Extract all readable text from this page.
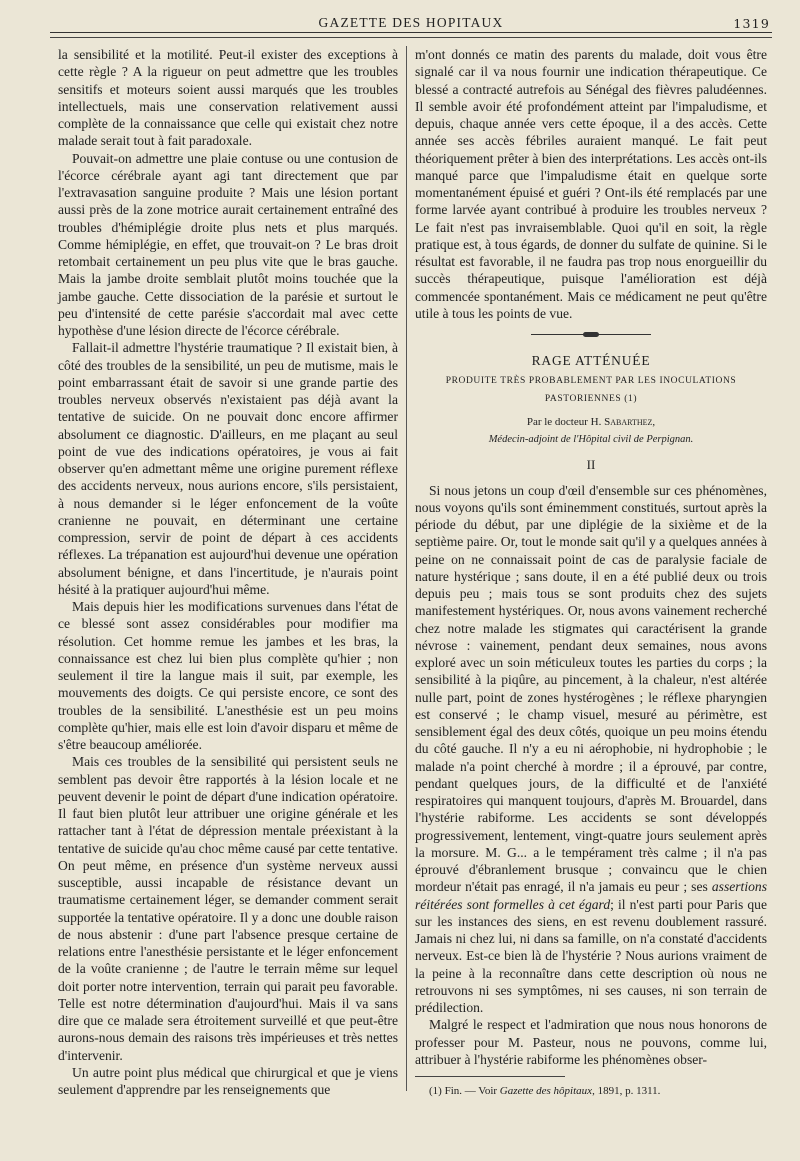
GAZETTE DES HOPITAUX	1319

la sensibilité et la motilité. Peut-il exister des exceptions à cette règle ? A la rigueur on peut admettre que les troubles sensitifs et moteurs soient aussi marqués que les troubles intellectuels, mais une conservation relativement aussi complète de la connaissance que celle qui existait chez notre malade serait tout à fait paradoxale.

Pouvait-on admettre une plaie contuse ou une contusion de l'écorce cérébrale ayant agi tant directement que par l'extravasation sanguine produite ? Mais une lésion portant aussi près de la zone motrice aurait certainement entraîné des troubles d'hémiplégie droite plus nets et plus marqués. Comme hémiplégie, en effet, que trouvait-on ? Le bras droit retombait certainement un peu plus vite que le bras gauche. Mais la jambe droite semblait plutôt moins touchée que la jambe gauche. Cette dissociation de la parésie et surtout le peu d'intensité de cette parésie s'accordait mal avec cette hypothèse d'une lésion directe de l'écorce cérébrale.

Fallait-il admettre l'hystérie traumatique ? Il existait bien, à côté des troubles de la sensibilité, un peu de mutisme, mais le point embarrassant était de savoir si une grande partie des troubles nerveux observés n'existaient pas déjà avant la tentative de suicide. On ne pouvait donc encore affirmer absolument ce diagnostic. D'ailleurs, en me plaçant au seul point de vue des indications opératoires, je vous ai fait observer qu'en admettant même une origine purement réflexe des accidents nerveux, nous aurions encore, s'ils persistaient, à nous demander si le léger enfoncement de la voûte cranienne ne pouvait, en déterminant une certaine compression, servir de point de départ à ces accidents réflexes. La trépanation est aujourd'hui devenue une opération absolument bénigne, et dans l'incertitude, je n'aurais point hésité à la pratiquer aujourd'hui même.

Mais depuis hier les modifications survenues dans l'état de ce blessé sont assez considérables pour modifier ma résolution. Cet homme remue les jambes et les bras, la connaissance est chez lui bien plus complète qu'hier ; non seulement il tire la langue mais il suit, par exemple, les mouvements des doigts. Ce qui persiste encore, ce sont des troubles de la sensibilité. L'anesthésie est un peu moins complète qu'hier, mais elle est loin d'avoir disparu et même de s'être beaucoup améliorée.

Mais ces troubles de la sensibilité qui persistent seuls ne semblent pas devoir être rapportés à la lésion locale et ne peuvent devenir le point de départ d'une indication opératoire. Il faut bien plutôt leur attribuer une origine générale et les rattacher tant à l'état de dépression mentale préexistant à la tentative de suicide qu'au choc même causé par cette tentative. On peut même, en présence d'un système nerveux aussi susceptible, aussi incapable de résistance devant un traumatisme certainement léger, se demander comment serait supportée la tentative opératoire. Il y a donc une double raison de nous abstenir : d'une part l'absence presque certaine de relations entre l'anesthésie persistante et le léger enfoncement de la voûte cranienne ; de l'autre le terrain même sur lequel doit porter notre intervention, terrain qui parait peu favorable. Telle est notre détermination d'aujourd'hui. Mais il va sans dire que ce malade sera étroitement surveillé et que peut-être aurons-nous demain des raisons très impérieuses et très nettes d'intervenir.

Un autre point plus médical que chirurgical et que je viens seulement d'apprendre par les renseignements que

m'ont donnés ce matin des parents du malade, doit vous être signalé car il va nous fournir une indication thérapeutique. Ce blessé a contracté autrefois au Sénégal des fièvres paludéennes. Il semble avoir été profondément atteint par l'impaludisme, et depuis, chaque année vers cette époque, il a des accès. Cette année ses accès fébriles auraient manqué. Le fait peut théoriquement prêter à bien des interprétations. Les accès ont-ils manqué parce que l'impaludisme était en quelque sorte momentanément épuisé et guéri ? Ont-ils été remplacés par une forme larvée ayant contribué à produire les troubles nerveux ? Le fait n'est pas invraisemblable. Quoi qu'il en soit, la règle pratique est, à tous égards, de donner du sulfate de quinine. Si le résultat est favorable, il ne faudra pas trop nous enorgueillir du succès thérapeutique, puisque l'amélioration est déjà commencée spontanément. Mais ce médicament ne peut qu'être utile à tous les points de vue.

RAGE ATTÉNUÉE
PRODUITE TRÈS PROBABLEMENT PAR LES INOCULATIONS PASTORIENNES (1)
Par le docteur H. Sabarthez,
Médecin-adjoint de l'Hôpital civil de Perpignan.
II

Si nous jetons un coup d'œil d'ensemble sur ces phénomènes, nous voyons qu'ils sont éminemment constitués, surtout après la période du début, par une diplégie de la sixième et de la septième paire. Or, tout le monde sait qu'il y a quelques années à peine on ne connaissait point de cas de paralysie faciale de nature hystérique ; sans doute, il en a été publié deux ou trois depuis peu ; mais tous se sont produits chez des sujets manifestement hystériques. Or, nous avons vainement recherché chez notre malade les stigmates qui caractérisent la grande névrose : vainement, pendant deux semaines, nous avons exploré avec un soin méticuleux toutes les parties du corps ; la sensibilité à la piqûre, au pincement, à la chaleur, n'est altérée nulle part, point de zones hystérogènes ; le réflexe pharyngien est conservé ; le champ visuel, mesuré au périmètre, est sensiblement égal des deux côtés, quoique un peu moins étendu du côté gauche. Il n'y a eu ni aérophobie, ni hydrophobie ; le malade n'a point cherché à mordre ; il a éprouvé, par contre, pendant quelques jours, de la difficulté et de l'anxiété respiratoires qui manquent toujours, d'après M. Brouardel, dans l'hystérie rabiforme. Les accidents se sont développés progressivement, lentement, vingt-quatre jours seulement après la morsure. M. G... a le tempérament très calme ; il n'a pas éprouvé d'ébranlement brusque ; convaincu que le chien mordeur n'était pas enragé, il n'a jamais eu peur ; ses assertions réitérées sont formelles à cet égard; il n'est parti pour Paris que sur les instances des siens, en est revenu doublement rassuré. Jamais ni chez lui, ni dans sa famille, on n'a constaté d'accidents nerveux. Est-ce bien là de l'hystérie ? Nous aurions vraiment de la peine à la reconnaître dans cette description où nous ne retrouvons ni ses symptômes, ni ses causes, ni son terrain de prédilection.

Malgré le respect et l'admiration que nous nous honorons de professer pour M. Pasteur, nous ne pouvons, comme lui, attribuer à l'hystérie rabiforme les phénomènes obser-

(1) Fin. — Voir Gazette des hôpitaux, 1891, p. 1311.
